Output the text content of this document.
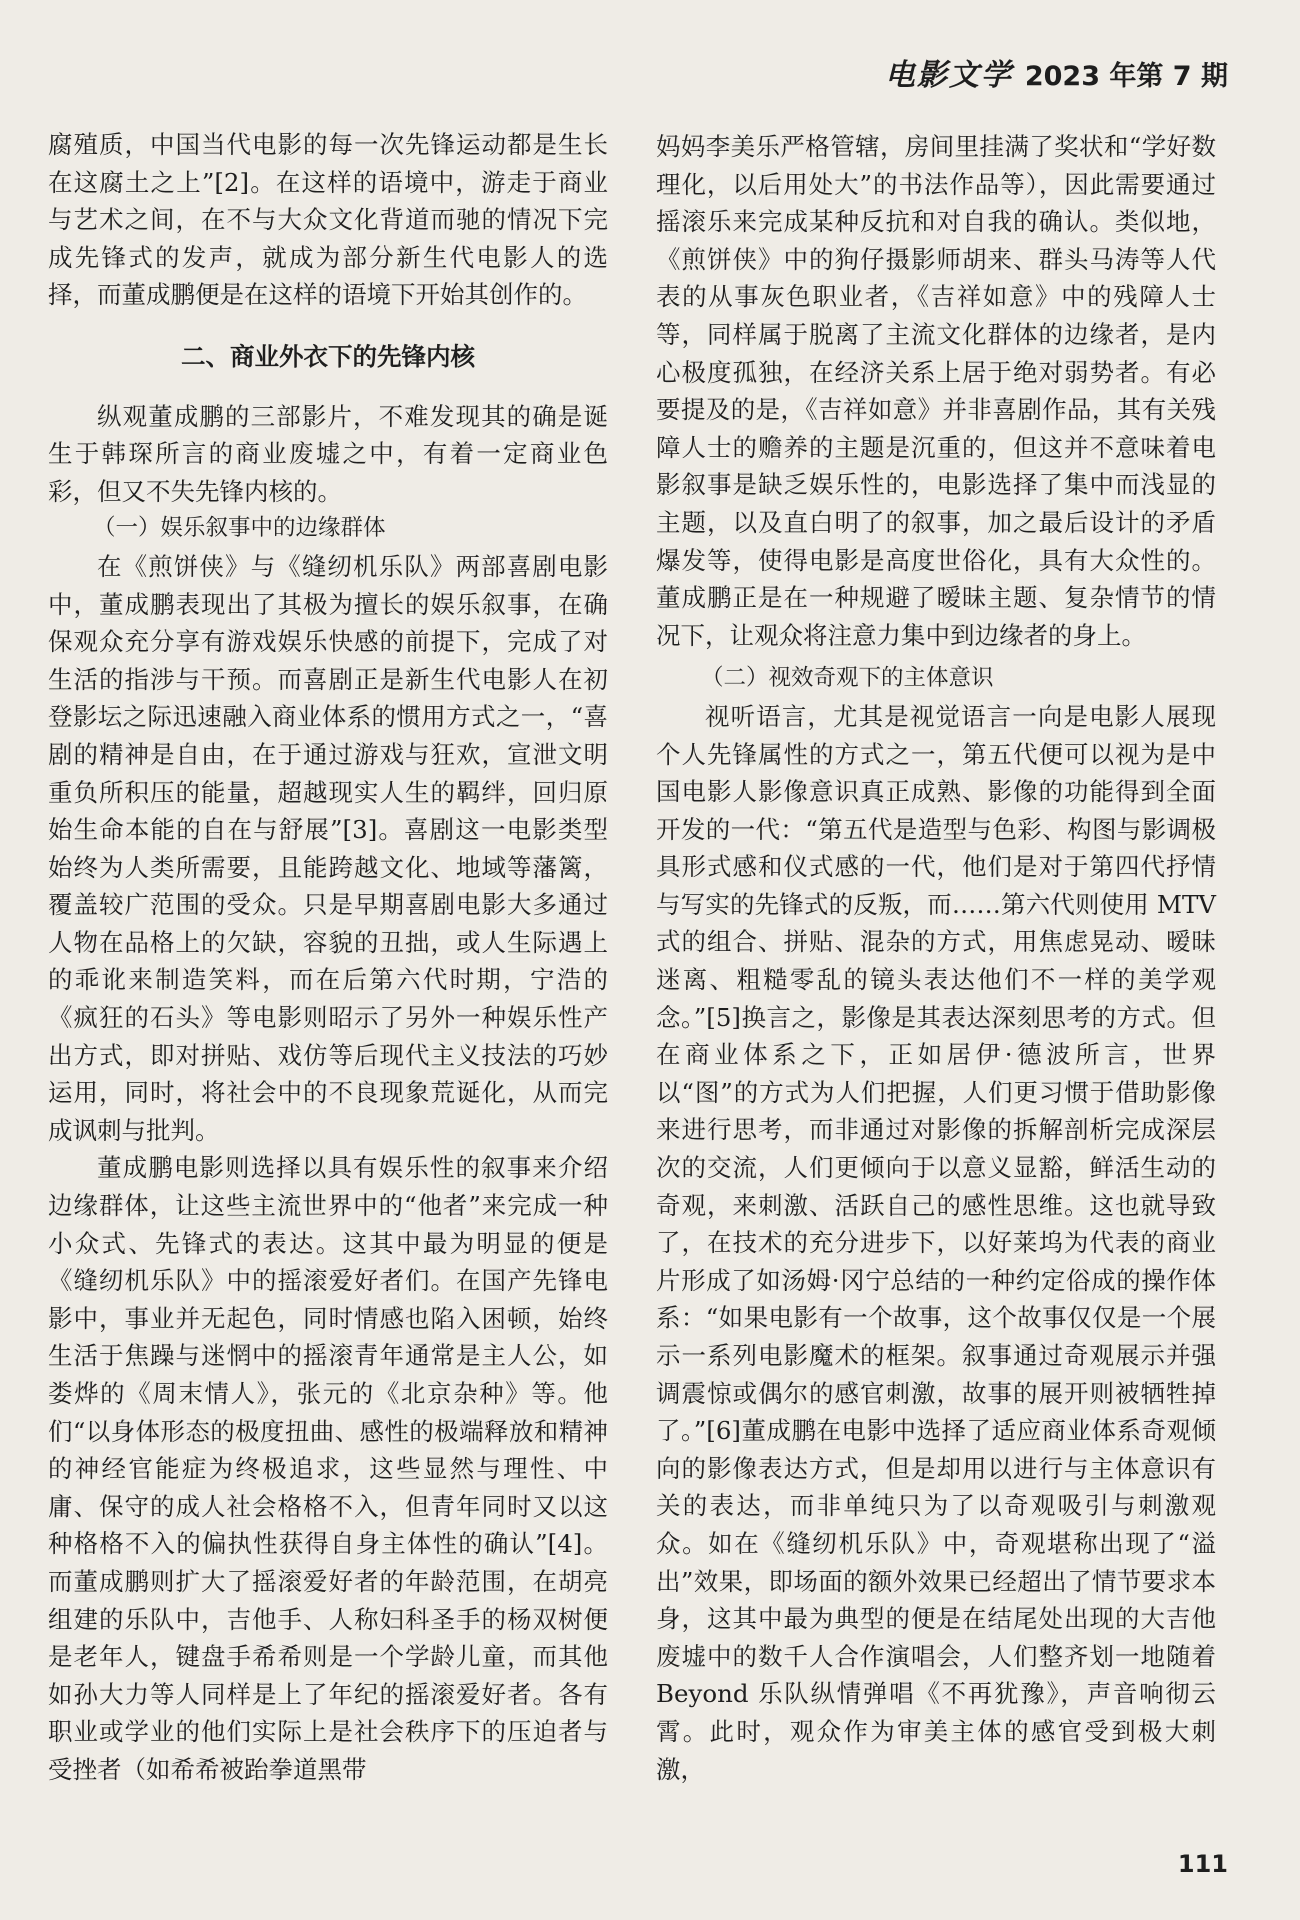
电影文学 2023 年第 7 期

腐殖质，中国当代电影的每一次先锋运动都是生长在这腐土之上”[2]。在这样的语境中，游走于商业与艺术之间，在不与大众文化背道而驰的情况下完成先锋式的发声，就成为部分新生代电影人的选择，而董成鹏便是在这样的语境下开始其创作的。

二、商业外衣下的先锋内核

纵观董成鹏的三部影片，不难发现其的确是诞生于韩琛所言的商业废墟之中，有着一定商业色彩，但又不失先锋内核的。

（一）娱乐叙事中的边缘群体

在《煎饼侠》与《缝纫机乐队》两部喜剧电影中，董成鹏表现出了其极为擅长的娱乐叙事，在确保观众充分享有游戏娱乐快感的前提下，完成了对生活的指涉与干预。而喜剧正是新生代电影人在初登影坛之际迅速融入商业体系的惯用方式之一，“喜剧的精神是自由，在于通过游戏与狂欢，宣泄文明重负所积压的能量，超越现实人生的羁绊，回归原始生命本能的自在与舒展”[3]。喜剧这一电影类型始终为人类所需要，且能跨越文化、地域等藩篱，覆盖较广范围的受众。只是早期喜剧电影大多通过人物在品格上的欠缺，容貌的丑拙，或人生际遇上的乖讹来制造笑料，而在后第六代时期，宁浩的《疯狂的石头》等电影则昭示了另外一种娱乐性产出方式，即对拼贴、戏仿等后现代主义技法的巧妙运用，同时，将社会中的不良现象荒诞化，从而完成讽刺与批判。

董成鹏电影则选择以具有娱乐性的叙事来介绍边缘群体，让这些主流世界中的“他者”来完成一种小众式、先锋式的表达。这其中最为明显的便是《缝纫机乐队》中的摇滚爱好者们。在国产先锋电影中，事业并无起色，同时情感也陷入困顿，始终生活于焦躁与迷惘中的摇滚青年通常是主人公，如娄烨的《周末情人》，张元的《北京杂种》等。他们“以身体形态的极度扭曲、感性的极端释放和精神的神经官能症为终极追求，这些显然与理性、中庸、保守的成人社会格格不入，但青年同时又以这种格格不入的偏执性获得自身主体性的确认”[4]。而董成鹏则扩大了摇滚爱好者的年龄范围，在胡亮组建的乐队中，吉他手、人称妇科圣手的杨双树便是老年人，键盘手希希则是一个学龄儿童，而其他如孙大力等人同样是上了年纪的摇滚爱好者。各有职业或学业的他们实际上是社会秩序下的压迫者与受挫者（如希希被跆拳道黑带

妈妈李美乐严格管辖，房间里挂满了奖状和“学好数理化，以后用处大”的书法作品等），因此需要通过摇滚乐来完成某种反抗和对自我的确认。类似地，《煎饼侠》中的狗仔摄影师胡来、群头马涛等人代表的从事灰色职业者，《吉祥如意》中的残障人士等，同样属于脱离了主流文化群体的边缘者，是内心极度孤独，在经济关系上居于绝对弱势者。有必要提及的是，《吉祥如意》并非喜剧作品，其有关残障人士的赡养的主题是沉重的，但这并不意味着电影叙事是缺乏娱乐性的，电影选择了集中而浅显的主题，以及直白明了的叙事，加之最后设计的矛盾爆发等，使得电影是高度世俗化，具有大众性的。董成鹏正是在一种规避了暧昧主题、复杂情节的情况下，让观众将注意力集中到边缘者的身上。

（二）视效奇观下的主体意识

视听语言，尤其是视觉语言一向是电影人展现个人先锋属性的方式之一，第五代便可以视为是中国电影人影像意识真正成熟、影像的功能得到全面开发的一代：“第五代是造型与色彩、构图与影调极具形式感和仪式感的一代，他们是对于第四代抒情与写实的先锋式的反叛，而……第六代则使用 MTV 式的组合、拼贴、混杂的方式，用焦虑晃动、暧昧迷离、粗糙零乱的镜头表达他们不一样的美学观念。”[5]换言之，影像是其表达深刻思考的方式。但在商业体系之下，正如居伊·德波所言，世界以“图”的方式为人们把握，人们更习惯于借助影像来进行思考，而非通过对影像的拆解剖析完成深层次的交流，人们更倾向于以意义显豁，鲜活生动的奇观，来刺激、活跃自己的感性思维。这也就导致了，在技术的充分进步下，以好莱坞为代表的商业片形成了如汤姆·冈宁总结的一种约定俗成的操作体系：“如果电影有一个故事，这个故事仅仅是一个展示一系列电影魔术的框架。叙事通过奇观展示并强调震惊或偶尔的感官刺激，故事的展开则被牺牲掉了。”[6]董成鹏在电影中选择了适应商业体系奇观倾向的影像表达方式，但是却用以进行与主体意识有关的表达，而非单纯只为了以奇观吸引与刺激观众。如在《缝纫机乐队》中，奇观堪称出现了“溢出”效果，即场面的额外效果已经超出了情节要求本身，这其中最为典型的便是在结尾处出现的大吉他废墟中的数千人合作演唱会，人们整齐划一地随着 Beyond 乐队纵情弹唱《不再犹豫》，声音响彻云霄。此时，观众作为审美主体的感官受到极大刺激，

111
